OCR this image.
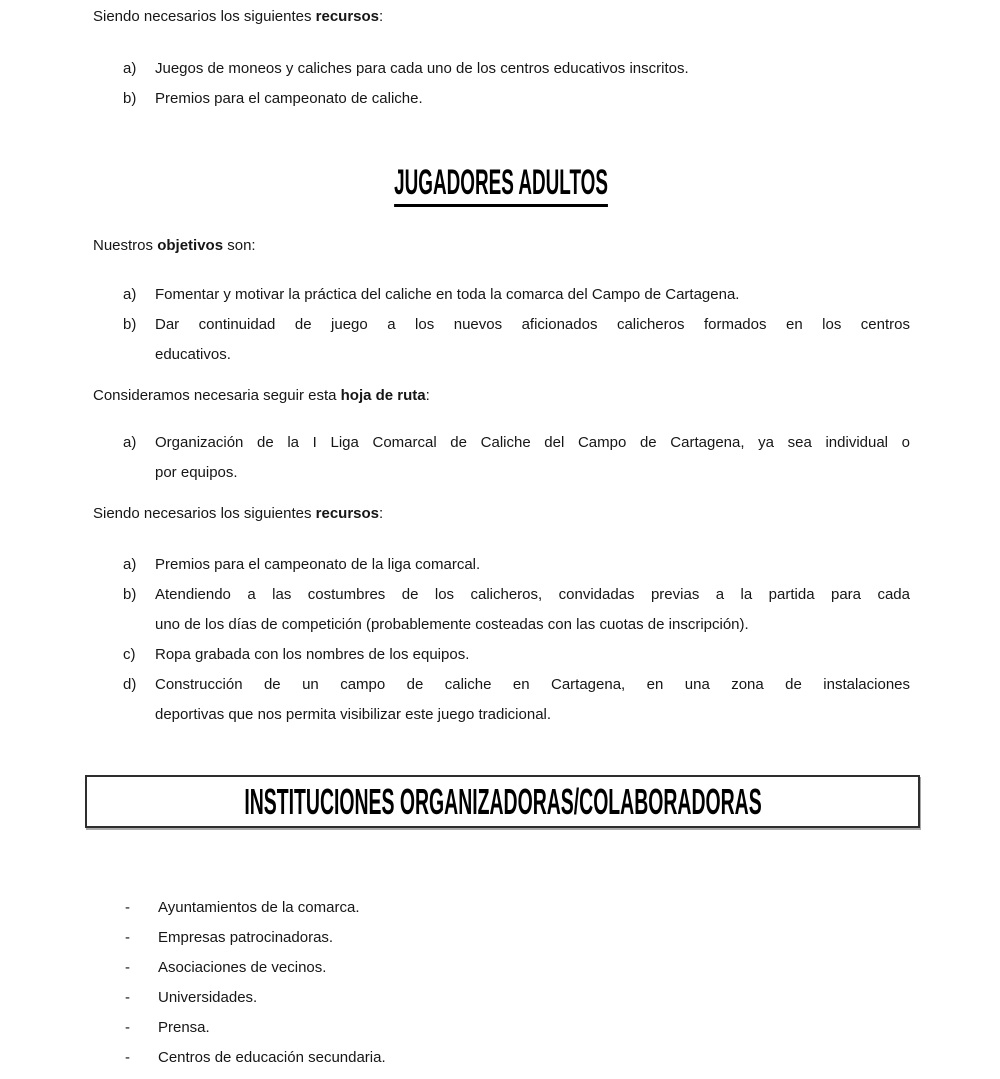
Siendo necesarios los siguientes recursos:

a) Juegos de moneos y caliches para cada uno de los centros educativos inscritos.
b) Premios para el campeonato de caliche.
JUGADORES ADULTOS

Nuestros objetivos son:

a) Fomentar y motivar la práctica del caliche en toda la comarca del Campo de Cartagena.
b) Dar continuidad de juego a los nuevos aficionados calicheros formados en los centros
educativos.

Consideramos necesaria seguir esta hoja de ruta:

a) Organización de la I Liga Comarcal de Caliche del Campo de Cartagena, ya sea individual o
por equipos.

Siendo necesarios los siguientes recursos:

a) Premios para el campeonato de la liga comarcal.
b) Atendiendo a las costumbres de los calicheros, convidadas previas a la partida para cada
uno de los días de competición (probablemente costeadas con las cuotas de inscripción).
c) Ropa grabada con los nombres de los equipos.
d) Construcción de un campo de caliche en Cartagena, en una zona de instalaciones
deportivas que nos permita visibilizar este juego tradicional.
INSTITUCIONES ORGANIZADORAS/COLABORADORAS
- Ayuntamientos de la comarca.
- Empresas patrocinadoras.
- Asociaciones de vecinos.
- Universidades.
- Prensa.
- Centros de educación secundaria.
